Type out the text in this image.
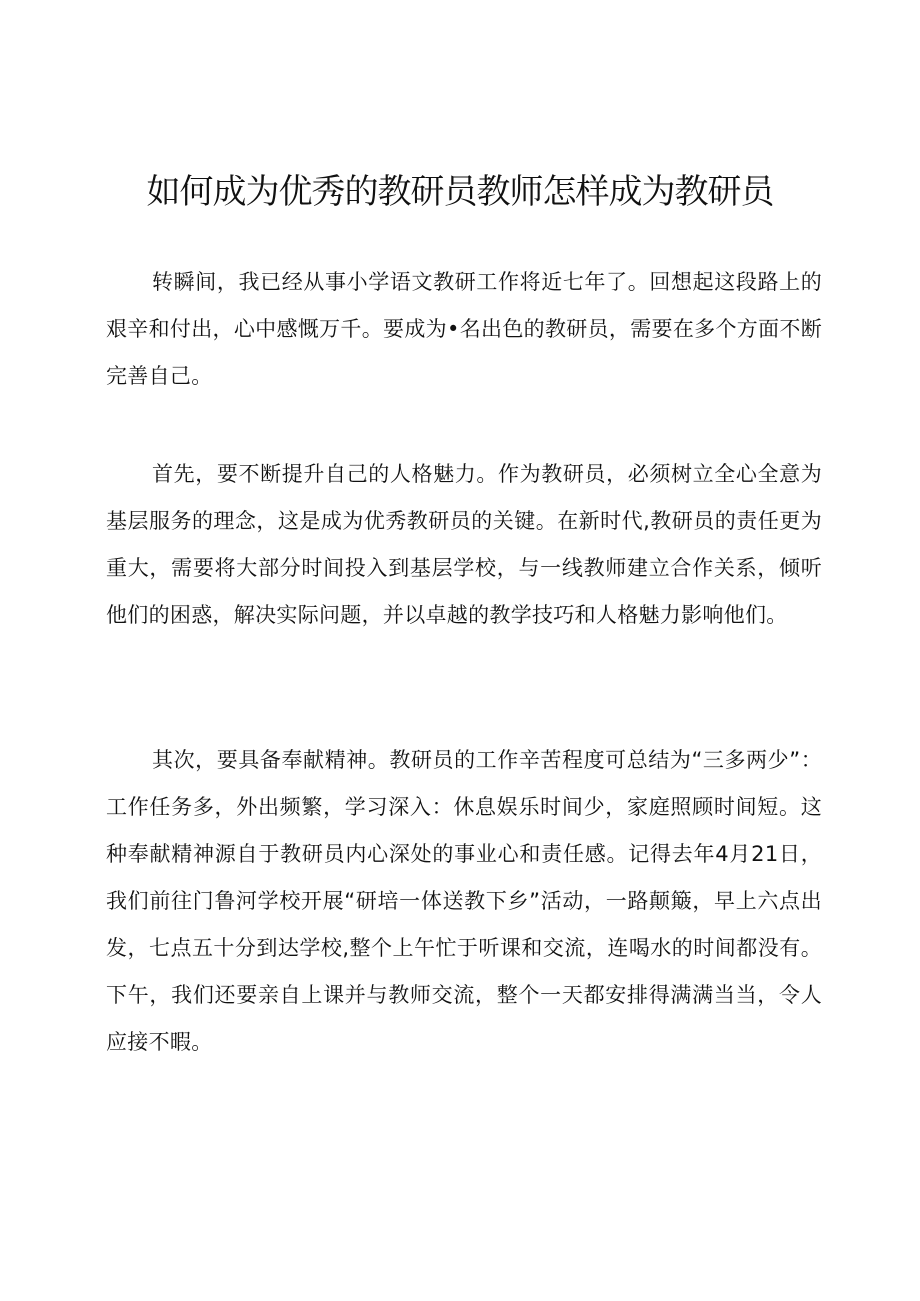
如何成为优秀的教研员教师怎样成为教研员

转瞬间，我已经从事小学语文教研工作将近七年了。回想起这段路上的艰辛和付出，心中感慨万千。要成为•名出色的教研员，需要在多个方面不断完善自己。

首先，要不断提升自己的人格魅力。作为教研员，必须树立全心全意为基层服务的理念，这是成为优秀教研员的关键。在新时代,教研员的责任更为重大，需要将大部分时间投入到基层学校，与一线教师建立合作关系，倾听他们的困惑，解决实际问题，并以卓越的教学技巧和人格魅力影响他们。

其次，要具备奉献精神。教研员的工作辛苦程度可总结为“三多两少”：工作任务多，外出频繁，学习深入：休息娱乐时间少，家庭照顾时间短。这种奉献精神源自于教研员内心深处的事业心和责任感。记得去年4月21日，我们前往门鲁河学校开展“研培一体送教下乡”活动，一路颠簸，早上六点出发，七点五十分到达学校,整个上午忙于听课和交流，连喝水的时间都没有。下午，我们还要亲自上课并与教师交流，整个一天都安排得满满当当，令人应接不暇。
